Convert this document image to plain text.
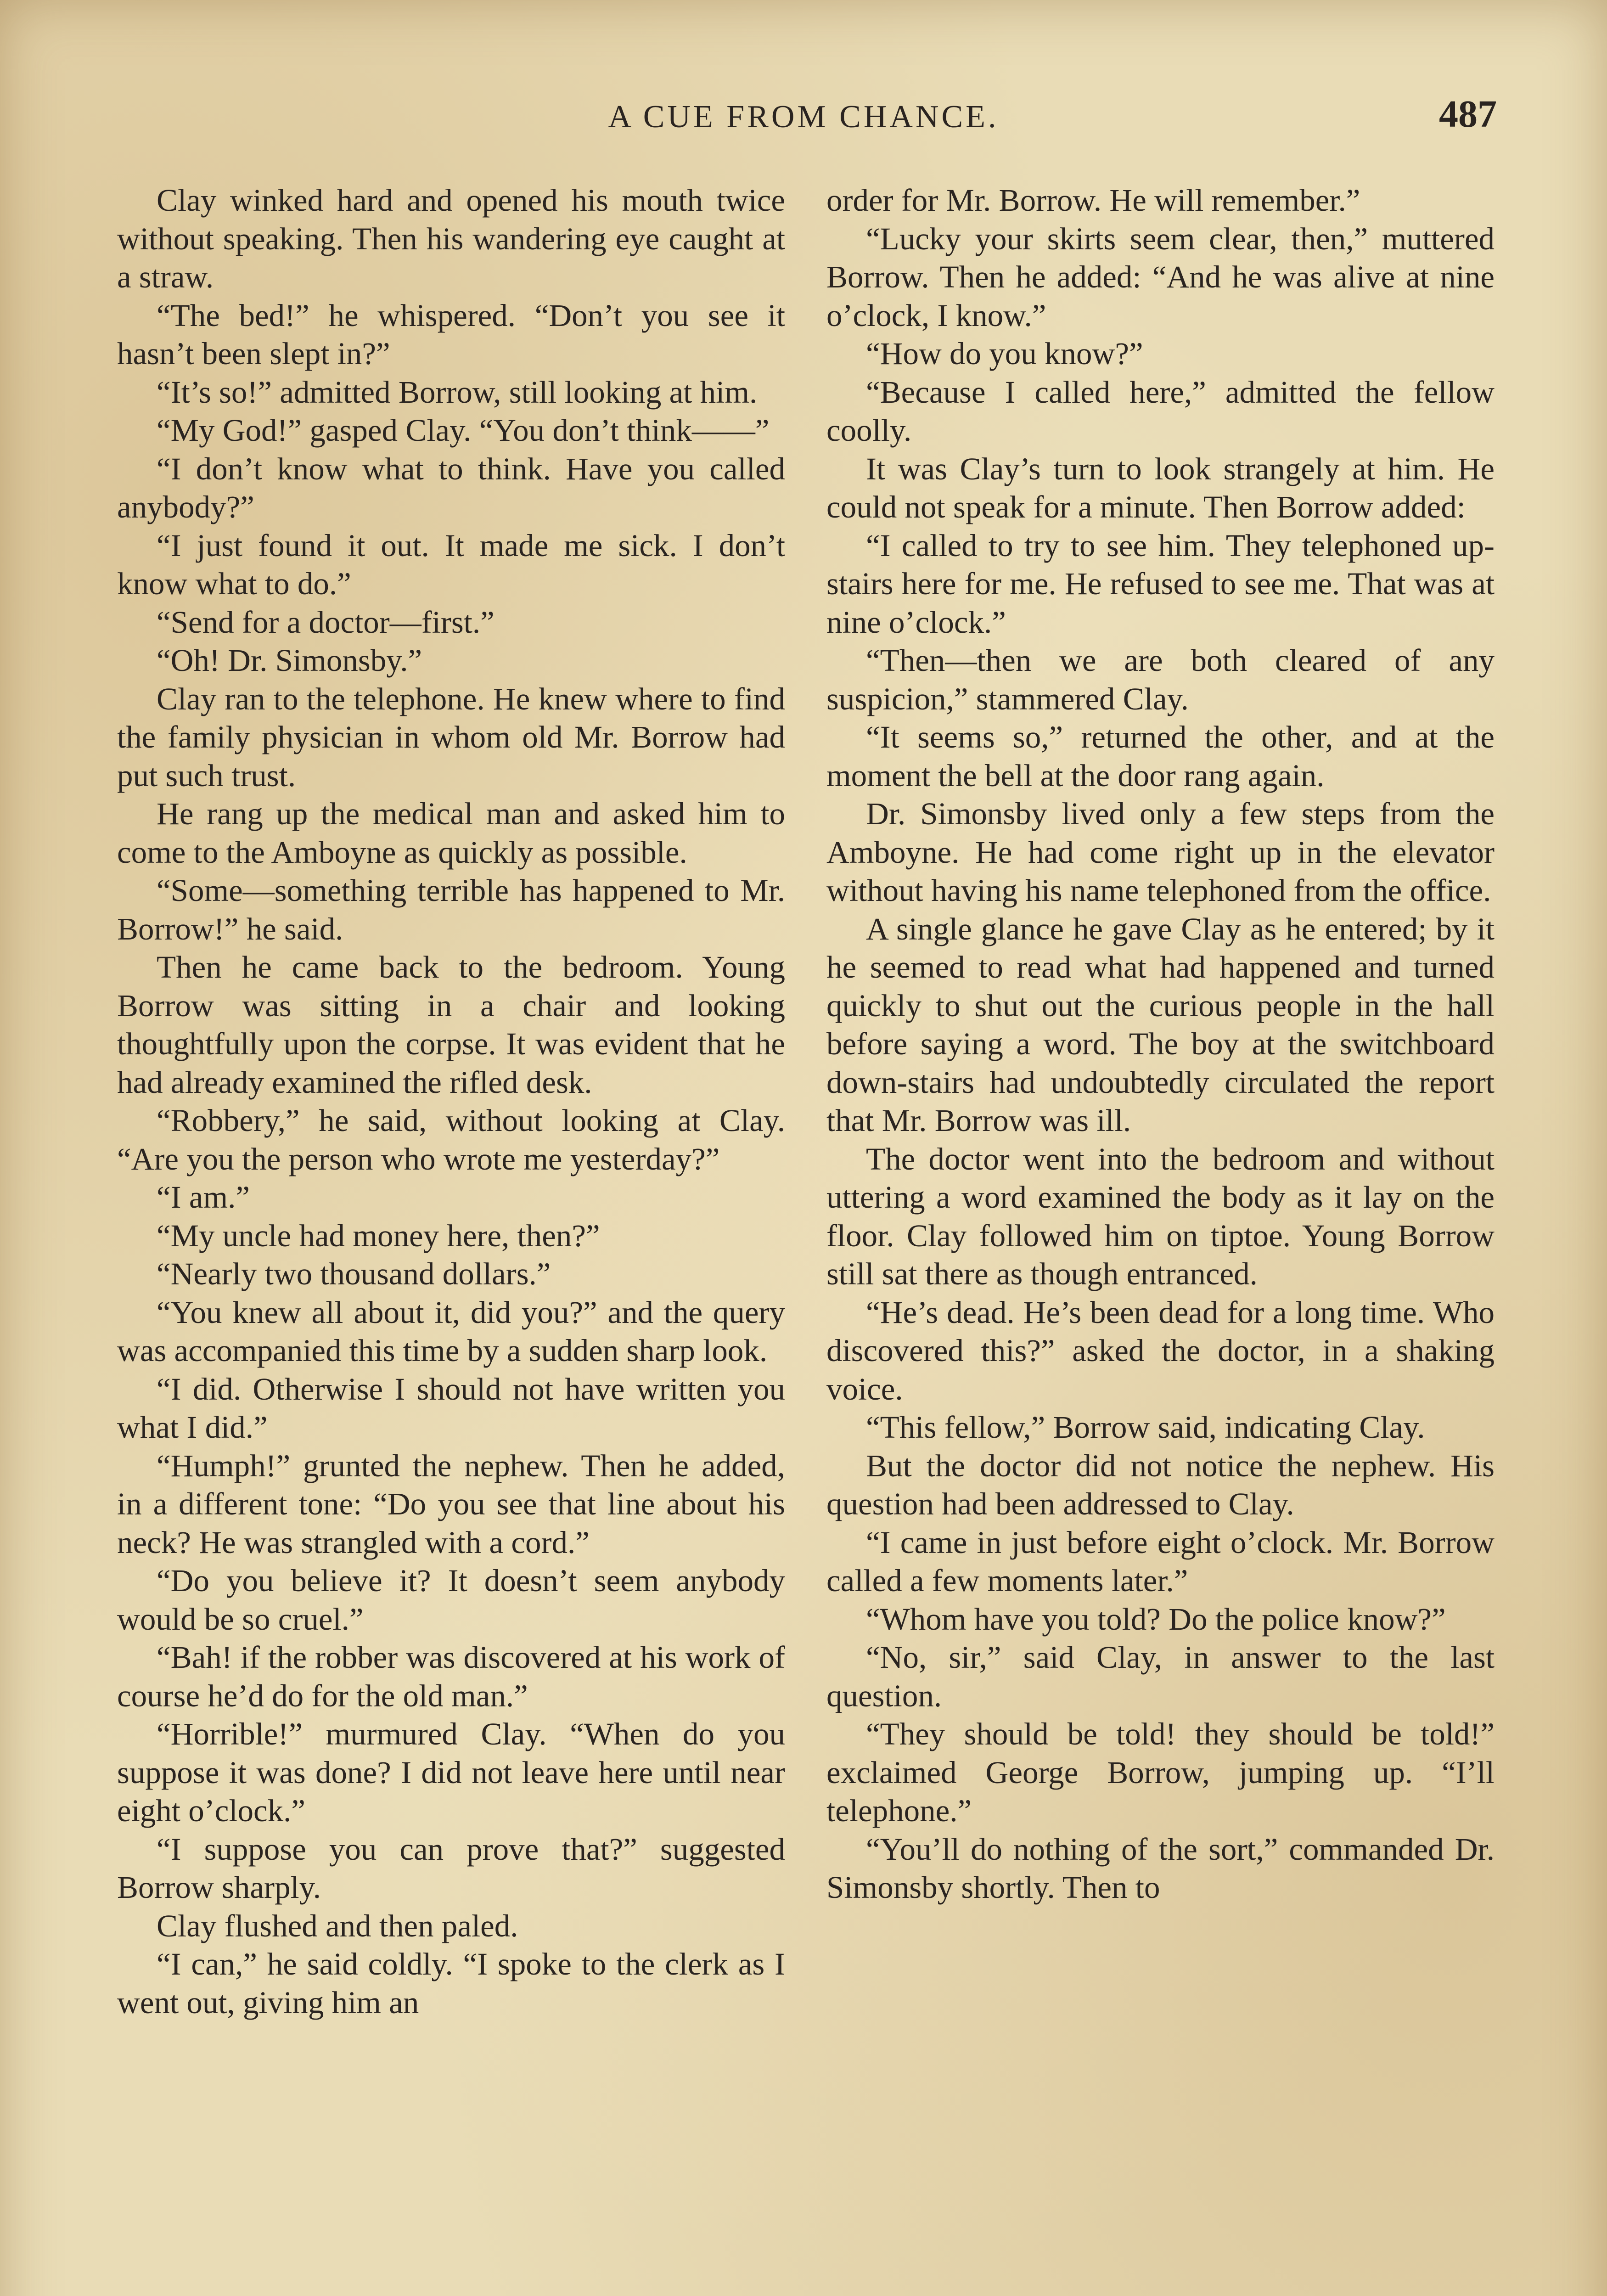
A CUE FROM CHANCE.	487

Clay winked hard and opened his mouth twice without speaking. Then his wandering eye caught at a straw.

“The bed!” he whispered. “Don’t you see it hasn’t been slept in?”

“It’s so!” admitted Borrow, still looking at him.

“My God!” gasped Clay. “You don’t think——”

“I don’t know what to think. Have you called anybody?”

“I just found it out. It made me sick. I don’t know what to do.”

“Send for a doctor—first.”

“Oh! Dr. Simonsby.”

Clay ran to the telephone. He knew where to find the family physician in whom old Mr. Borrow had put such trust.

He rang up the medical man and asked him to come to the Amboyne as quickly as possible.

“Some—something terrible has happened to Mr. Borrow!” he said.

Then he came back to the bedroom. Young Borrow was sitting in a chair and looking thoughtfully upon the corpse. It was evident that he had already examined the rifled desk.

“Robbery,” he said, without looking at Clay. “Are you the person who wrote me yesterday?”

“I am.”

“My uncle had money here, then?”

“Nearly two thousand dollars.”

“You knew all about it, did you?” and the query was accompanied this time by a sudden sharp look.

“I did. Otherwise I should not have written you what I did.”

“Humph!” grunted the nephew. Then he added, in a different tone: “Do you see that line about his neck? He was strangled with a cord.”

“Do you believe it? It doesn’t seem anybody would be so cruel.”

“Bah! if the robber was discovered at his work of course he’d do for the old man.”

“Horrible!” murmured Clay. “When do you suppose it was done? I did not leave here until near eight o’clock.”

“I suppose you can prove that?” suggested Borrow sharply.

Clay flushed and then paled.

“I can,” he said coldly. “I spoke to the clerk as I went out, giving him an

order for Mr. Borrow. He will remember.”

“Lucky your skirts seem clear, then,” muttered Borrow. Then he added: “And he was alive at nine o’clock, I know.”

“How do you know?”

“Because I called here,” admitted the fellow coolly.

It was Clay’s turn to look strangely at him. He could not speak for a minute. Then Borrow added:

“I called to try to see him. They telephoned up-stairs here for me. He refused to see me. That was at nine o’clock.”

“Then—then we are both cleared of any suspicion,” stammered Clay.

“It seems so,” returned the other, and at the moment the bell at the door rang again.

Dr. Simonsby lived only a few steps from the Amboyne. He had come right up in the elevator without having his name telephoned from the office.

A single glance he gave Clay as he entered; by it he seemed to read what had happened and turned quickly to shut out the curious people in the hall before saying a word. The boy at the switchboard down-stairs had undoubtedly circulated the report that Mr. Borrow was ill.

The doctor went into the bedroom and without uttering a word examined the body as it lay on the floor. Clay followed him on tiptoe. Young Borrow still sat there as though entranced.

“He’s dead. He’s been dead for a long time. Who discovered this?” asked the doctor, in a shaking voice.

“This fellow,” Borrow said, indicating Clay.

But the doctor did not notice the nephew. His question had been addressed to Clay.

“I came in just before eight o’clock. Mr. Borrow called a few moments later.”

“Whom have you told? Do the police know?”

“No, sir,” said Clay, in answer to the last question.

“They should be told! they should be told!” exclaimed George Borrow, jumping up. “I’ll telephone.”

“You’ll do nothing of the sort,” commanded Dr. Simonsby shortly. Then to
